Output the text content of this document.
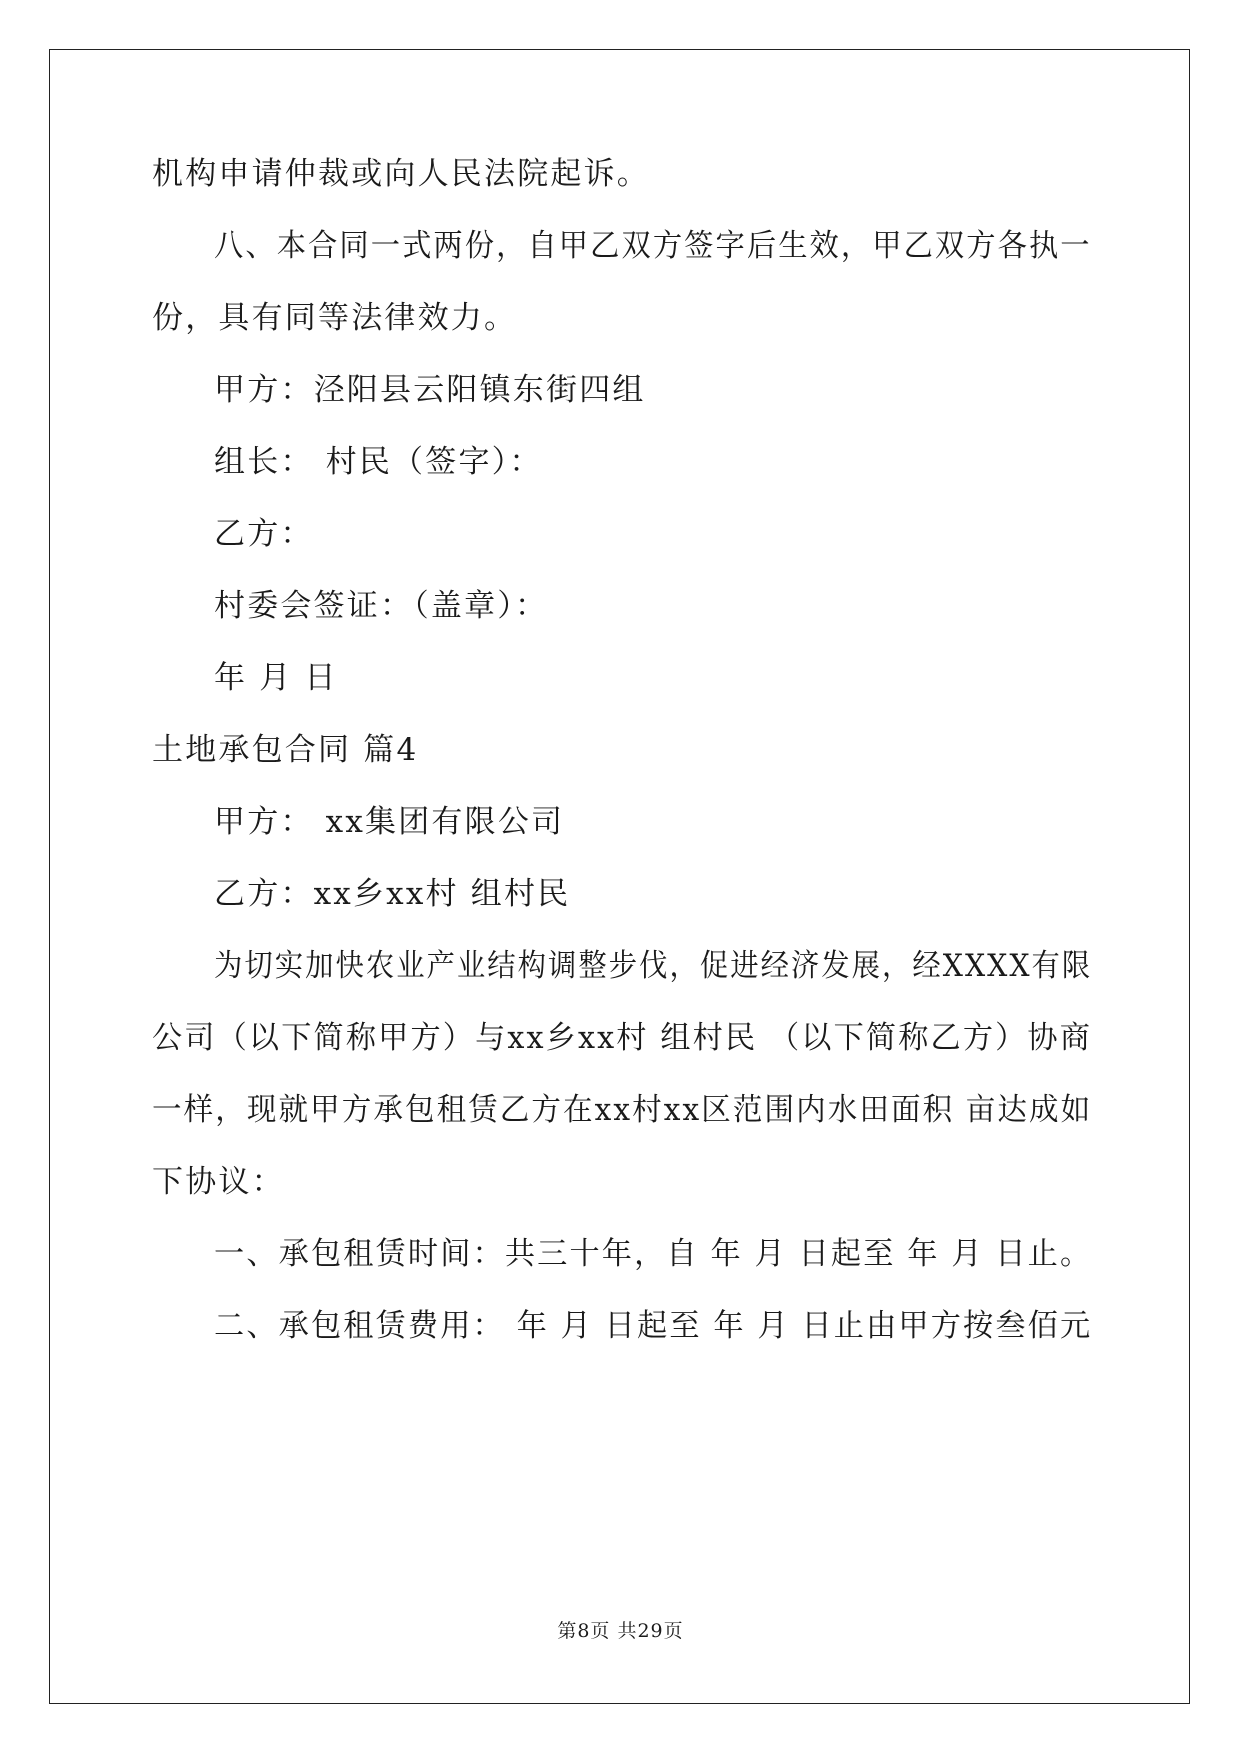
机构申请仲裁或向人民法院起诉。
八、本合同一式两份，自甲乙双方签字后生效，甲乙双方各执一
份，具有同等法律效力。
甲方：泾阳县云阳镇东街四组
组长： 村民（签字）：
乙方：
村委会签证：（盖章）：
年 月 日
土地承包合同 篇4
甲方： xx集团有限公司
乙方：xx乡xx村 组村民
为切实加快农业产业结构调整步伐，促进经济发展，经XXXX有限
公司（以下简称甲方）与xx乡xx村 组村民 （以下简称乙方）协商
一样，现就甲方承包租赁乙方在xx村xx区范围内水田面积 亩达成如
下协议：
一、承包租赁时间：共三十年，自 年 月 日起至 年 月 日止。
二、承包租赁费用： 年 月 日起至 年 月 日止由甲方按叁佰元
第8页 共29页
